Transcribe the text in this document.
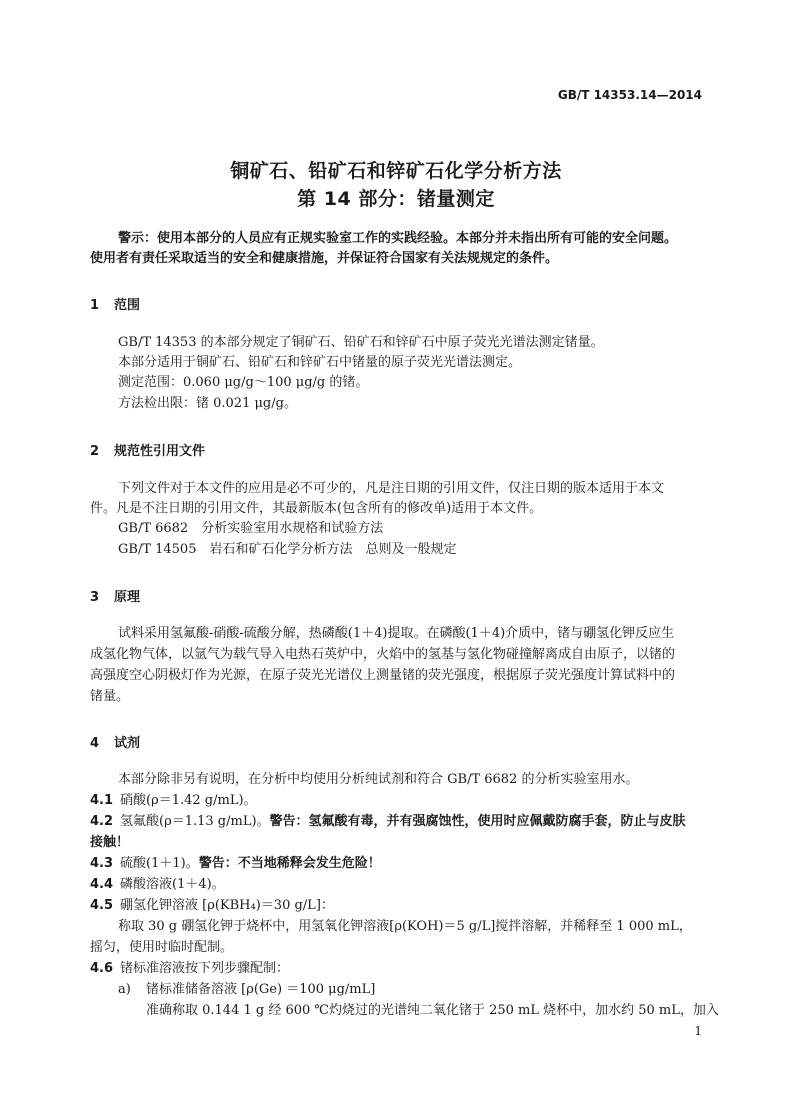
GB/T 14353.14—2014
铜矿石、铅矿石和锌矿石化学分析方法
第 14 部分：锗量测定
警示：使用本部分的人员应有正规实验室工作的实践经验。本部分并未指出所有可能的安全问题。
使用者有责任采取适当的安全和健康措施，并保证符合国家有关法规规定的条件。
1 范围
GB/T 14353 的本部分规定了铜矿石、铅矿石和锌矿石中原子荧光光谱法测定锗量。
本部分适用于铜矿石、铅矿石和锌矿石中锗量的原子荧光光谱法测定。
测定范围：0.060 μg/g～100 μg/g 的锗。
方法检出限：锗 0.021 μg/g。
2 规范性引用文件
下列文件对于本文件的应用是必不可少的，凡是注日期的引用文件，仅注日期的版本适用于本文
件。凡是不注日期的引用文件，其最新版本(包含所有的修改单)适用于本文件。
GB/T 6682　分析实验室用水规格和试验方法
GB/T 14505　岩石和矿石化学分析方法　总则及一般规定
3 原理
试料采用氢氟酸-硝酸-硫酸分解，热磷酸(1＋4)提取。在磷酸(1＋4)介质中，锗与硼氢化钾反应生
成氢化物气体，以氩气为载气导入电热石英炉中，火焰中的氢基与氢化物碰撞解离成自由原子，以锗的
高强度空心阴极灯作为光源，在原子荧光光谱仪上测量锗的荧光强度，根据原子荧光强度计算试料中的
锗量。
4 试剂
本部分除非另有说明，在分析中均使用分析纯试剂和符合 GB/T 6682 的分析实验室用水。
4.1 硝酸(ρ＝1.42 g/mL)。
4.2 氢氟酸(ρ＝1.13 g/mL)。警告：氢氟酸有毒，并有强腐蚀性，使用时应佩戴防腐手套，防止与皮肤
接触！
4.3 硫酸(1＋1)。警告：不当地稀释会发生危险！
4.4 磷酸溶液(1＋4)。
4.5 硼氢化钾溶液 [ρ(KBH₄)＝30 g/L]：
称取 30 g 硼氢化钾于烧杯中，用氢氧化钾溶液[ρ(KOH)＝5 g/L]搅拌溶解，并稀释至 1 000 mL，
摇匀，使用时临时配制。
4.6 锗标准溶液按下列步骤配制：
a) 锗标准储备溶液 [ρ(Ge) ＝100 μg/mL]
准确称取 0.144 1 g 经 600 ℃灼烧过的光谱纯二氧化锗于 250 mL 烧杯中，加水约 50 mL，加入
1
